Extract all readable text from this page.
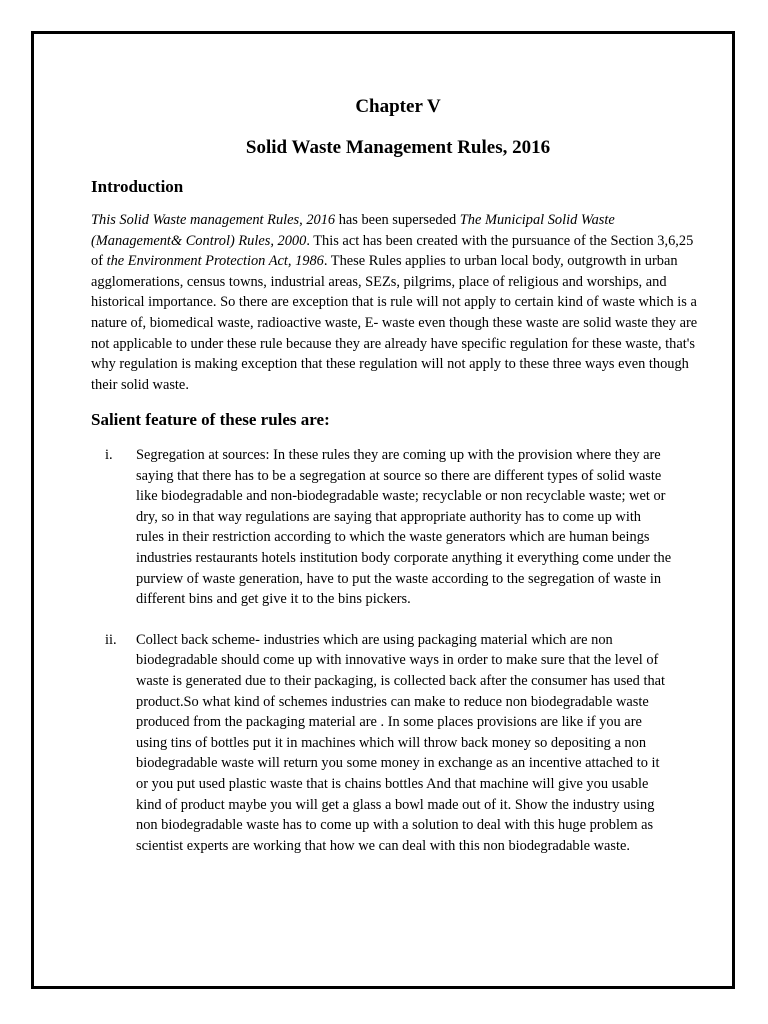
Chapter V
Solid Waste Management Rules, 2016
Introduction

This Solid Waste management Rules, 2016 has been superseded The Municipal Solid Waste (Management& Control) Rules, 2000. This act has been created with the pursuance of the Section 3,6,25 of the Environment Protection Act, 1986. These Rules applies to urban local body, outgrowth in urban agglomerations, census towns, industrial areas, SEZs, pilgrims, place of religious and worships, and historical importance. So there are exception that is rule will not apply to certain kind of waste which is a nature of, biomedical waste, radioactive waste, E- waste even though these waste are solid waste they are not applicable to under these rule because they are already have specific regulation for these waste, that's why regulation is making exception that these regulation will not apply to these three ways even though their solid waste.

Salient feature of these rules are:
i. Segregation at sources: In these rules they are coming up with the provision where they are saying that there has to be a segregation at source so there are different types of solid waste like biodegradable and non-biodegradable waste; recyclable or non recyclable waste; wet or dry, so in that way regulations are saying that appropriate authority has to come up with rules in their restriction according to which the waste generators which are human beings industries restaurants hotels institution body corporate anything it everything come under the purview of waste generation, have to put the waste according to the segregation of waste in different bins and get give it to the bins pickers.
ii. Collect back scheme- industries which are using packaging material which are non biodegradable should come up with innovative ways in order to make sure that the level of waste is generated due to their packaging, is collected back after the consumer has used that product.So what kind of schemes industries can make to reduce non biodegradable waste produced from the packaging material are . In some places provisions are like if you are using tins of bottles put it in machines which will throw back money so depositing a non biodegradable waste will return you some money in exchange as an incentive attached to it or you put used plastic waste that is chains bottles And that machine will give you usable kind of product maybe you will get a glass a bowl made out of it. Show the industry using non biodegradable waste has to come up with a solution to deal with this huge problem as scientist experts are working that how we can deal with this non biodegradable waste.
